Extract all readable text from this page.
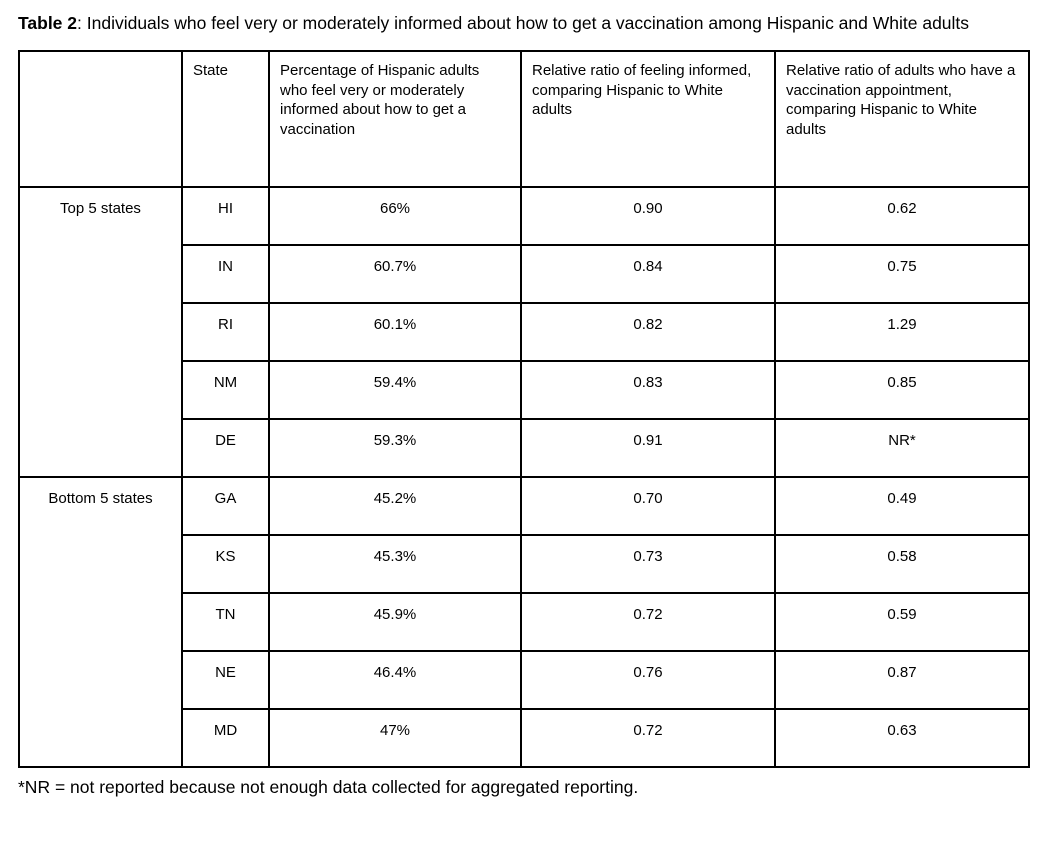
Table 2: Individuals who feel very or moderately informed about how to get a vaccination among Hispanic and White adults
	State	Percentage of Hispanic adults who feel very or moderately informed about how to get a vaccination	Relative ratio of feeling informed, comparing Hispanic to White adults	Relative ratio of adults who have a vaccination appointment, comparing Hispanic to White adults
Top 5 states	HI	66%	0.90	0.62
	IN	60.7%	0.84	0.75
	RI	60.1%	0.82	1.29
	NM	59.4%	0.83	0.85
	DE	59.3%	0.91	NR*
Bottom 5 states	GA	45.2%	0.70	0.49
	KS	45.3%	0.73	0.58
	TN	45.9%	0.72	0.59
	NE	46.4%	0.76	0.87
	MD	47%	0.72	0.63
*NR = not reported because not enough data collected for aggregated reporting.
